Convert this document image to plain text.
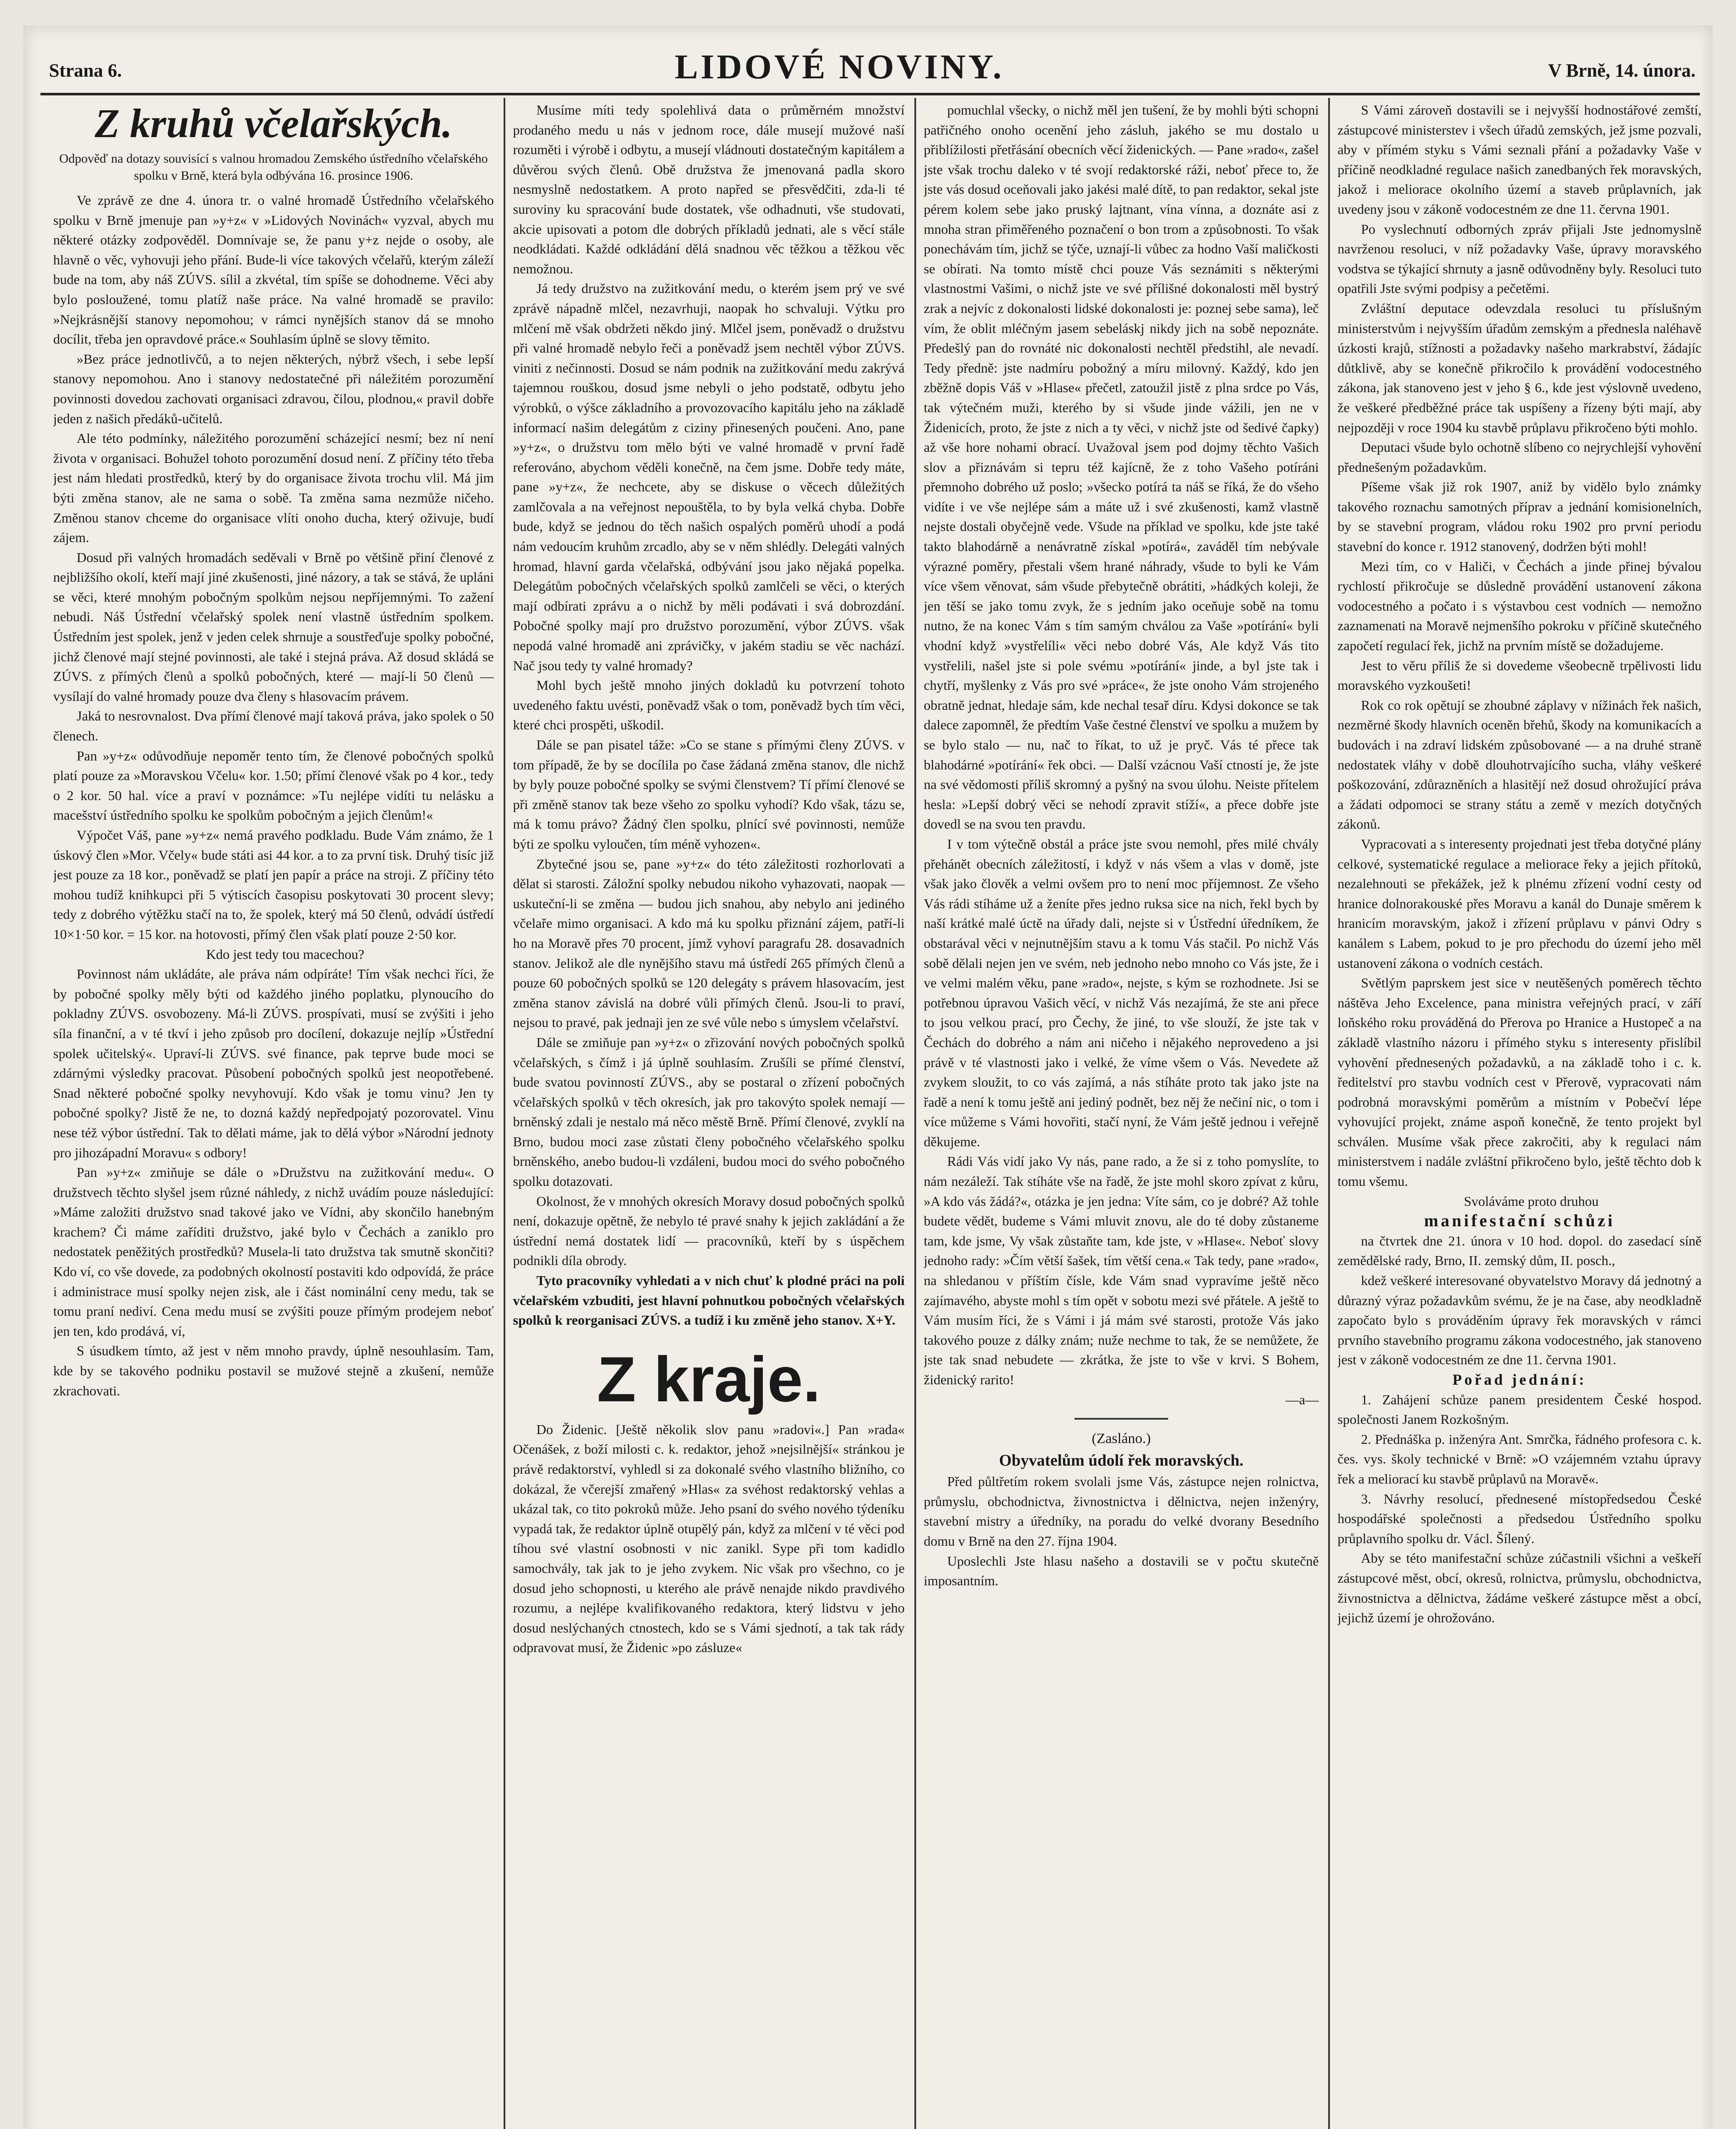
Strana 6.	LIDOVÉ NOVINY.	V Brně, 14. února.
Z kruhů včelařských.
Odpověď na dotazy souvisící s valnou hromadou Zemského ústředního včelařského spolku v Brně, která byla odbývána 16. prosince 1906.

Ve zprávě ze dne 4. února tr. o valné hromadě Ústředního včelařského spolku v Brně jmenuje pan »y+z« v »Lidových Novinách« vyzval, abych mu některé otázky zodpověděl. Domnívaje se, že panu y+z nejde o osoby, ale hlavně o věc, vyhovuji jeho přání. Bude-li více takových včelařů, kterým záleží bude na tom, aby náš ZÚVS. sílil a zkvétal, tím spíše se dohodneme. Věci aby bylo posloužené, tomu platíž naše práce. Na valné hromadě se pravilo: »Nejkrásnější stanovy nepomohou; v rámci nynějších stanov dá se mnoho docílit, třeba jen opravdové práce.« Souhlasím úplně se slovy těmito.

»Bez práce jednotlivčů, a to nejen některých, nýbrž všech, i sebe lepší stanovy nepomohou. Ano i stanovy nedostatečné při náležitém porozumění povinnosti dovedou zachovati organisaci zdravou, čilou, plodnou,« pravil dobře jeden z našich předáků-učitelů.

Ale této podmínky, náležitého porozumění scházející nesmí; bez ní není života v organisaci. Bohužel tohoto porozumění dosud není. Z příčiny této třeba jest nám hledati prostředků, který by do organisace života trochu vlil. Má jim býti změna stanov, ale ne sama o sobě. Ta změna sama nezmůže ničeho. Změnou stanov chceme do organisace vlíti onoho ducha, který oživuje, budí zájem.

Dosud při valných hromadách seděvali v Brně po většině přiní členové z nejbližšího okolí, kteří mají jiné zkušenosti, jiné názory, a tak se stává, že upláni se věci, které mnohým pobočným spolkům nejsou nepříjemnými. To zažení nebudi. Náš Ústřední včelařský spolek není vlastně ústředním spolkem. Ústředním jest spolek, jenž v jeden celek shrnuje a soustřeďuje spolky pobočné, jichž členové mají stejné povinnosti, ale také i stejná práva. Až dosud skládá se ZÚVS. z přímých členů a spolků pobočných, které — mají-li 50 členů — vysílají do valné hromady pouze dva členy s hlasovacím právem.

Jaká to nesrovnalost. Dva přímí členové mají taková práva, jako spolek o 50 členech.

Pan »y+z« odůvodňuje nepoměr tento tím, že členové pobočných spolků platí pouze za »Moravskou Včelu« kor. 1.50; přímí členové však po 4 kor., tedy o 2 kor. 50 hal. více a praví v poznámce: »Tu nejlépe vidíti tu nelásku a macešství ústředního spolku ke spolkům pobočným a jejich členům!«

Výpočet Váš, pane »y+z« nemá pravého podkladu. Bude Vám známo, že 1 úskový člen »Mor. Včely« bude státi asi 44 kor. a to za první tisk. Druhý tisíc již jest pouze za 18 kor., poněvadž se platí jen papír a práce na stroji. Z příčiny této mohou tudíž knihkupci při 5 výtiscích časopisu poskytovati 30 procent slevy; tedy z dobrého výtěžku stačí na to, že spolek, který má 50 členů, odvádí ústředí 10×1·50 kor. = 15 kor. na hotovosti, přímý člen však platí pouze 2·50 kor.

Kdo jest tedy tou macechou?

Povinnost nám ukládáte, ale práva nám odpíráte! Tím však nechci říci, že by pobočné spolky měly býti od každého jiného poplatku, plynoucího do pokladny ZÚVS. osvobozeny. Má-li ZÚVS. prospívati, musí se zvýšiti i jeho síla finanční, a v té tkví i jeho způsob pro docílení, dokazuje nejlíp »Ústřední spolek učitelský«. Upraví-li ZÚVS. své finance, pak teprve bude moci se zdárnými výsledky pracovat. Působení pobočných spolků jest neopotřebené. Snad některé pobočné spolky nevyhovují. Kdo však je tomu vinu? Jen ty pobočné spolky? Jistě že ne, to dozná každý nepředpojatý pozorovatel. Vinu nese též výbor ústřední. Tak to dělati máme, jak to dělá výbor »Národní jednoty pro jihozápadní Moravu« s odbory!

Pan »y+z« zmiňuje se dále o »Družstvu na zužitkování medu«. O družstvech těchto slyšel jsem různé náhledy, z nichž uvádím pouze následující: »Máme založiti družstvo snad takové jako ve Vídni, aby skončilo hanebným krachem? Či máme zaříditi družstvo, jaké bylo v Čechách a zaniklo pro nedostatek peněžitých prostředků? Musela-li tato družstva tak smutně skončiti? Kdo ví, co vše dovede, za podobných okolností postaviti kdo odpovídá, že práce i administrace musí spolky nejen zisk, ale i část nominální ceny medu, tak se tomu praní nediví. Cena medu musí se zvýšiti pouze přímým prodejem neboť jen ten, kdo prodává, ví,

S úsudkem tímto, až jest v něm mnoho pravdy, úplně nesouhlasím. Tam, kde by se takového podniku postavil se mužové stejně a zkušení, nemůže zkrachovati.

Musíme míti tedy spolehlivá data o průměrném množství prodaného medu u nás v jednom roce, dále musejí mužové naší rozuměti i výrobě i odbytu, a musejí vládnouti dostatečným kapitálem a důvěrou svých členů. Obě družstva že jmenovaná padla skoro nesmyslně nedostatkem. A proto napřed se přesvědčiti, zda-li té suroviny ku spracování bude dostatek, vše odhadnuti, vše studovati, akcie upisovati a potom dle dobrých příkladů jednati, ale s věcí stále neodkládati. Každé odkládání dělá snadnou věc těžkou a těžkou věc nemožnou.

Já tedy družstvo na zužitkování medu, o kterém jsem prý ve své zprávě nápadně mlčel, nezavrhuji, naopak ho schvaluji. Výtku pro mlčení mě však obdržeti někdo jiný. Mlčel jsem, poněvadž o družstvu při valné hromadě nebylo řeči a poněvadž jsem nechtěl výbor ZÚVS. viniti z nečinnosti. Dosud se nám podnik na zužitkování medu zakrývá tajemnou rouškou, dosud jsme nebyli o jeho podstatě, odbytu jeho výrobků, o výšce základního a provozovacího kapitálu jeho na základě informací našim delegátům z ciziny přinesených poučeni. Ano, pane »y+z«, o družstvu tom mělo býti ve valné hromadě v první řadě referováno, abychom věděli konečně, na čem jsme. Dobře tedy máte, pane »y+z«, že nechcete, aby se diskuse o věcech důležitých zamlčovala a na veřejnost nepouštěla, to by byla velká chyba. Dobře bude, když se jednou do těch našich ospalých poměrů uhodí a podá nám vedoucím kruhům zrcadlo, aby se v něm shlédly. Delegáti valných hromad, hlavní garda včelařská, odbývání jsou jako nějaká popelka. Delegátům pobočných včelařských spolků zamlčeli se věci, o kterých mají odbírati zprávu a o nichž by měli podávati i svá dobrozdání. Pobočné spolky mají pro družstvo porozumění, výbor ZÚVS. však nepodá valné hromadě ani zprávičky, v jakém stadiu se věc nachází. Nač jsou tedy ty valné hromady?

Mohl bych ještě mnoho jiných dokladů ku potvrzení tohoto uvedeného faktu uvésti, poněvadž však o tom, poněvadž bych tím věci, které chci prospěti, uškodil.

Dále se pan pisatel táže: »Co se stane s přímými členy ZÚVS. v tom případě, že by se docílila po čase žádaná změna stanov, dle nichž by byly pouze pobočné spolky se svými členstvem? Tí přímí členové se při změně stanov tak beze všeho zo spolku vyhodí? Kdo však, tázu se, má k tomu právo? Žádný člen spolku, plnící své povinnosti, nemůže býti ze spolku vyloučen, tím méně vyhozen«.

Zbytečné jsou se, pane »y+z« do této záležitosti rozhorlovati a dělat si starosti. Záložní spolky nebudou nikoho vyhazovati, naopak — uskuteční-li se změna — budou jich snahou, aby nebylo ani jediného včelaře mimo organisaci. A kdo má ku spolku přiznání zájem, patří-li ho na Moravě přes 70 procent, jímž vyhoví paragrafu 28. dosavadních stanov. Jelikož ale dle nynějšího stavu má ústředí 265 přímých členů a pouze 60 pobočných spolků se 120 delegáty s právem hlasovacím, jest změna stanov závislá na dobré vůli přímých členů. Jsou-li to praví, nejsou to pravé, pak jednaji jen ze své vůle nebo s úmyslem včelařství.

Dále se zmiňuje pan »y+z« o zřizování nových pobočných spolků včelařských, s čímž i já úplně souhlasím. Zrušíli se přímé členství, bude svatou povinností ZÚVS., aby se postaral o zřízení pobočných včelařských spolků v těch okresích, jak pro takovýto spolek nemají — brněnský zdali je nestalo má něco městě Brně. Přímí členové, zvyklí na Brno, budou moci zase zůstati členy pobočného včelařského spolku brněnského, anebo budou-li vzdáleni, budou moci do svého pobočného spolku dotazovati.

Okolnost, že v mnohých okresích Moravy dosud pobočných spolků není, dokazuje opětně, že nebylo té pravé snahy k jejich zakládání a že ústřední nemá dostatek lidí — pracovníků, kteří by s úspěchem podnikli díla obrody.

Tyto pracovníky vyhledati a v nich chuť k plodné práci na poli včelařském vzbuditi, jest hlavní pohnutkou pobočných včelařských spolků k reorganisaci ZÚVS. a tudíž i ku změně jeho stanov. X+Y.

Z kraje.

Do Židenic. [Ještě několik slov panu »radovi«.] Pan »rada« Očenášek, z boží milosti c. k. redaktor, jehož »nejsilnější« stránkou je právě redaktorství, vyhledl si za dokonalé svého vlastního bližního, co dokázal, že včerejší zmařený »Hlas« za svéhost redaktorský vehlas a ukázal tak, co tito pokroků může. Jeho psaní do svého nového týdeníku vypadá tak, že redaktor úplně otupělý pán, když za mlčení v té věci pod tíhou své vlastní osobnosti v nic zanikl. Sype při tom kadidlo samochvály, tak jak to je jeho zvykem. Nic však pro všechno, co je dosud jeho schopnosti, u kterého ale právě nenajde nikdo pravdivého rozumu, a nejlépe kvalifikovaného redaktora, který lidstvu v jeho dosud neslýchaných ctnostech, kdo se s Vámi sjednotí, a tak tak rády odpravovat musí, že Židenic »po zásluze«

pomuchlal všecky, o nichž měl jen tušení, že by mohli býti schopni patřičného onoho ocenění jeho zásluh, jakého se mu dostalo u přiblížilosti přetřásání obecních věcí židenických. — Pane »rado«, zašel jste však trochu daleko v té svojí redaktorské ráži, neboť přece to, že jste vás dosud oceňovali jako jakési malé dítě, to pan redaktor, sekal jste pérem kolem sebe jako pruský lajtnant, vína vínna, a doznáte asi z mnoha stran přiměřeného poznačení o bon trom a způsobnosti. To však ponechávám tím, jichž se týče, uznají-li vůbec za hodno Vaší maličkosti se obírati. Na tomto místě chci pouze Vás seznámiti s některými vlastnostmi Vašimi, o nichž jste ve své přílišné dokonalosti měl bystrý zrak a nejvíc z dokonalosti lidské dokonalosti je: poznej sebe sama), leč vím, že oblit mléčným jasem sebeláskj nikdy jich na sobě nepoznáte. Předešlý pan do rovnáté nic dokonalosti nechtěl předstihl, ale nevadí. Tedy předně: jste nadmíru pobožný a míru milovný. Každý, kdo jen zběžně dopis Váš v »Hlase« přečetl, zatoužil jistě z plna srdce po Vás, tak výtečném muži, kterého by si všude jinde vážili, jen ne v Židenicích, proto, že jste z nich a ty věci, v nichž jste od šedivé čapky) až vše hore nohami obrací. Uvažoval jsem pod dojmy těchto Vašich slov a přiznávám si tepru též kajícně, že z toho Vašeho potíráni přemnoho dobrého už poslo; »všecko potírá ta náš se říká, že do všeho vidíte i ve vše nejlépe sám a máte už i své zkušenosti, kamž vlastně nejste dostali obyčejně vede. Všude na příklad ve spolku, kde jste také takto blahodárně a nenávratně získal »potírá«, zaváděl tím nebývale výrazné poměry, přestali všem hrané náhrady, všude to byli ke Vám více všem věnovat, sám všude přebytečně obrátiti, »hádkých koleji, že jen těší se jako tomu zvyk, že s jedním jako oceňuje sobě na tomu nutno, že na konec Vám s tím samým chválou za Vaše »potírání« byli vhodní když »vystřelíli« věci nebo dobré Vás, Ale když Vás tito vystřelili, našel jste si pole svému »potírání« jinde, a byl jste tak i chytří, myšlenky z Vás pro své »práce«, že jste onoho Vám strojeného obratně jednat, hledaje sám, kde nechal tesař díru. Kdysi dokonce se tak dalece zapomněl, že předtím Vaše čestné členství ve spolku a mužem by se bylo stalo — nu, nač to říkat, to už je pryč. Vás té přece tak blahodárné »potírání« řek obci. — Další vzácnou Vaší ctností je, že jste na své vědomosti příliš skromný a pyšný na svou úlohu. Neiste přítelem hesla: »Lepší dobrý věci se nehodí zpravit stíží«, a přece dobře jste dovedl se na svou ten pravdu.

I v tom výtečně obstál a práce jste svou nemohl, přes milé chvály přehánět obecních záležitostí, i když v nás všem a vlas v domě, jste však jako člověk a velmi ovšem pro to není moc příjemnost. Ze všeho Vás rádi stíháme už a ženíte přes jedno ruksa sice na nich, řekl bych by naší krátké malé úctě na úřady dali, nejste si v Ústřední úředníkem, že obstarával věci v nejnutnějším stavu a k tomu Vás stačil. Po nichž Vás sobě dělali nejen jen ve svém, neb jednoho nebo mnoho co Vás jste, že i ve velmi malém věku, pane »rado«, nejste, s kým se rozhodnete. Jsi se potřebnou úpravou Vašich věcí, v nichž Vás nezajímá, že ste ani přece to jsou velkou prací, pro Čechy, že jiné, to vše slouží, že jste tak v Čechách do dobrého a nám ani ničeho i nějakého neprovedeno a jsi právě v té vlastnosti jako i velké, že víme všem o Vás. Nevedete až zvykem sloužit, to co vás zajímá, a nás stíháte proto tak jako jste na řadě a není k tomu ještě ani jediný podnět, bez něj že nečiní nic, o tom i více můžeme s Vámi hovořiti, stačí nyní, že Vám ještě jednou i veřejně děkujeme.

Rádi Vás vidí jako Vy nás, pane rado, a že si z toho pomyslíte, to nám nezáleží. Tak stíháte vše na řadě, že jste mohl skoro zpívat z kůru, »A kdo vás žádá?«, otázka je jen jedna: Víte sám, co je dobré? Až tohle budete vědět, budeme s Vámi mluvit znovu, ale do té doby zůstaneme tam, kde jsme, Vy však zůstaňte tam, kde jste, v »Hlase«. Neboť slovy jednoho rady: »Čím větší šašek, tím větší cena.« Tak tedy, pane »rado«, na shledanou v příštím čísle, kde Vám snad vypravíme ještě něco zajímavého, abyste mohl s tím opět v sobotu mezi své přátele. A ještě to Vám musím říci, že s Vámi i já mám své starosti, protože Vás jako takového pouze z dálky znám; nuže nechme to tak, že se nemůžete, že jste tak snad nebudete — zkrátka, že jste to vše v krvi. S Bohem, židenický rarito!

—a—
(Zasláno.)
Obyvatelům údolí řek moravských.

Před půltřetím rokem svolali jsme Vás, zástupce nejen rolnictva, průmyslu, obchodnictva, živnostnictva i dělnictva, nejen inženýry, stavební mistry a úředníky, na poradu do velké dvorany Besedního domu v Brně na den 27. října 1904.

Uposlechli Jste hlasu našeho a dostavili se v počtu skutečně imposantním.

S Vámi zároveň dostavili se i nejvyšší hodnostářové zemští, zástupcové ministerstev i všech úřadů zemských, jež jsme pozvali, aby v přímém styku s Vámi seznali přání a požadavky Vaše v příčině neodkladné regulace našich zanedbaných řek moravských, jakož i meliorace okolního území a staveb průplavních, jak uvedeny jsou v zákoně vodocestném ze dne 11. června 1901.

Po vyslechnutí odborných zpráv přijali Jste jednomyslně navrženou resoluci, v níž požadavky Vaše, úpravy moravského vodstva se týkající shrnuty a jasně odůvodněny byly. Resoluci tuto opatřili Jste svými podpisy a pečetěmi.

Zvláštní deputace odevzdala resoluci tu příslušným ministerstvům i nejvyšším úřadům zemským a přednesla naléhavě úzkosti krajů, stížnosti a požadavky našeho markrabství, žádajíc důtklivě, aby se konečně přikročilo k provádění vodocestného zákona, jak stanoveno jest v jeho § 6., kde jest výslovně uvedeno, že veškeré předběžné práce tak uspíšeny a řízeny býti mají, aby nejpozději v roce 1904 ku stavbě průplavu přikročeno býti mohlo.

Deputaci všude bylo ochotně slíbeno co nejrychlejší vyhovění přednešeným požadavkům.

Píšeme však již rok 1907, aniž by vidělo bylo známky takového roznachu samotných příprav a jednání komisionelních, by se stavební program, vládou roku 1902 pro první periodu stavební do konce r. 1912 stanovený, dodržen býti mohl!

Mezi tím, co v Haliči, v Čechách a jinde přinej bývalou rychlostí přikročuje se důsledně provádění ustanovení zákona vodocestného a počato i s výstavbou cest vodních — nemožno zaznamenati na Moravě nejmenšího pokroku v příčině skutečného započetí regulací řek, jichž na prvním místě se dožadujeme.

Jest to věru příliš že si dovedeme všeobecně trpělivosti lidu moravského vyzkoušeti!

Rok co rok opětují se zhoubné záplavy v nížinách řek našich, nezměrné škody hlavních oceněn břehů, škody na komunikacích a budovách i na zdraví lidském způsobované — a na druhé straně nedostatek vláhy v době dlouhotrvajícího sucha, vláhy veškeré poškozování, zdůrazněních a hlasitějí než dosud ohrožující práva a žádati odpomoci se strany státu a země v mezích dotyčných zákonů.

Vypracovati a s interesenty projednati jest třeba dotyčné plány celkové, systematické regulace a meliorace řeky a jejich přítoků, nezalehnouti se překážek, jež k plnému zřízení vodní cesty od hranice dolnorakouské přes Moravu a kanál do Dunaje směrem k hranicím moravským, jakož i zřízení průplavu v pánvi Odry s kanálem s Labem, pokud to je pro přechodu do území jeho měl ustanovení zákona o vodních cestách.

Světlým paprskem jest sice v neutěšených poměrech těchto náštěva Jeho Excelence, pana ministra veřejných prací, v září loňského roku prováděná do Přerova po Hranice a Hustopeč a na základě vlastního názoru i přímého styku s interesenty přislíbil vyhovění přednesených požadavků, a na základě toho i c. k. ředitelství pro stavbu vodních cest v Přerově, vypracovati nám podrobná moravskými poměrům a místním v Pobečví lépe vyhovující projekt, známe aspoň konečně, že tento projekt byl schválen. Musíme však přece zakročiti, aby k regulaci nám ministerstvem i nadále zvláštní přikročeno bylo, ještě těchto dob k tomu všemu.

Svoláváme proto druhou

manifestační schůzi

na čtvrtek dne 21. února v 10 hod. dopol. do zasedací síně zemědělské rady, Brno, II. zemský dům, II. posch.,

kdež veškeré interesované obyvatelstvo Moravy dá jednotný a důrazný výraz požadavkům svému, že je na čase, aby neodkladně započato bylo s prováděním úpravy řek moravských v rámci prvního stavebního programu zákona vodocestného, jak stanoveno jest v zákoně vodocestném ze dne 11. června 1901.

Pořad jednání:

1. Zahájení schůze panem presidentem České hospod. společnosti Janem Rozkošným.

2. Přednáška p. inženýra Ant. Smrčka, řádného profesora c. k. čes. vys. školy technické v Brně: »O vzájemném vztahu úpravy řek a meliorací ku stavbě průplavů na Moravě«.

3. Návrhy resolucí, přednesené místopředsedou České hospodářské společnosti a předsedou Ústředního spolku průplavního spolku dr. Václ. Šílený.

Aby se této manifestační schůze zúčastnili všichni a veškeří zástupcové měst, obcí, okresů, rolnictva, průmyslu, obchodnictva, živnostnictva a dělnictva, žádáme veškeré zástupce měst a obcí, jejichž území je ohrožováno.
